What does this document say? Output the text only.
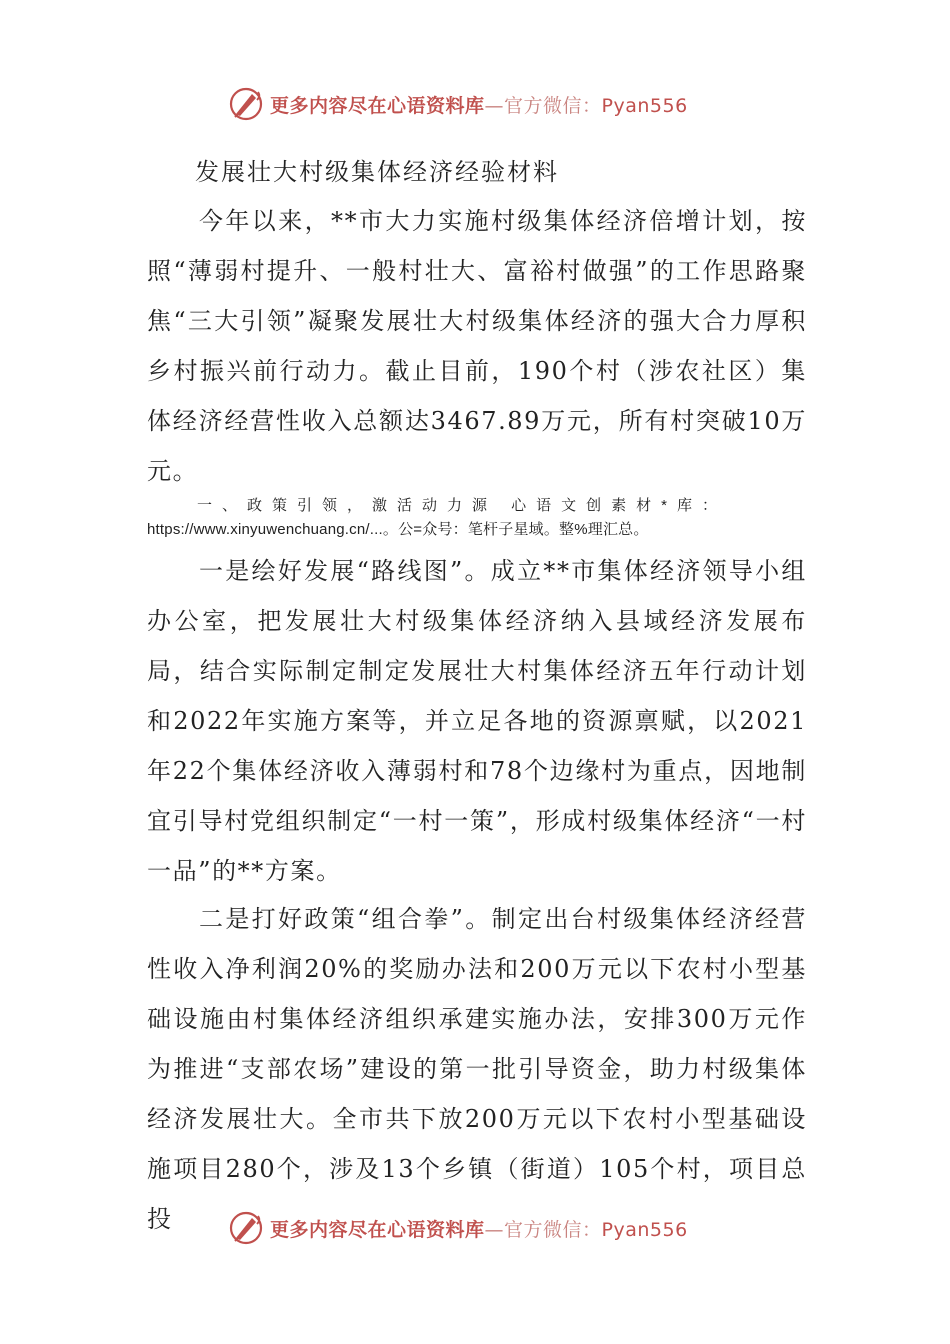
更多内容尽在心语资料库—官方微信：Pyan556
发展壮大村级集体经济经验材料

今年以来，**市大力实施村级集体经济倍增计划，按照“薄弱村提升、一般村壮大、富裕村做强”的工作思路聚焦“三大引领”凝聚发展壮大村级集体经济的强大合力厚积乡村振兴前行动力。截止目前，190个村（涉农社区）集体经济经营性收入总额达3467.89万元，所有村突破10万元。

一、政策引领，激活动力源 心语文创素材*库：

https://www.xinyuwenchuang.cn/...。公=众号：笔杆子星域。整%理汇总。

一是绘好发展“路线图”。成立**市集体经济领导小组办公室，把发展壮大村级集体经济纳入县域经济发展布局，结合实际制定制定发展壮大村集体经济五年行动计划和2022年实施方案等，并立足各地的资源禀赋，以2021年22个集体经济收入薄弱村和78个边缘村为重点，因地制宜引导村党组织制定“一村一策”，形成村级集体经济“一村一品”的**方案。

二是打好政策“组合拳”。制定出台村级集体经济经营性收入净利润20%的奖励办法和200万元以下农村小型基础设施由村集体经济组织承建实施办法，安排300万元作为推进“支部农场”建设的第一批引导资金，助力村级集体经济发展壮大。全市共下放200万元以下农村小型基础设施项目280个，涉及13个乡镇（街道）105个村，项目总投	更多内容尽在心语资料库—官方微信：Pyan556
